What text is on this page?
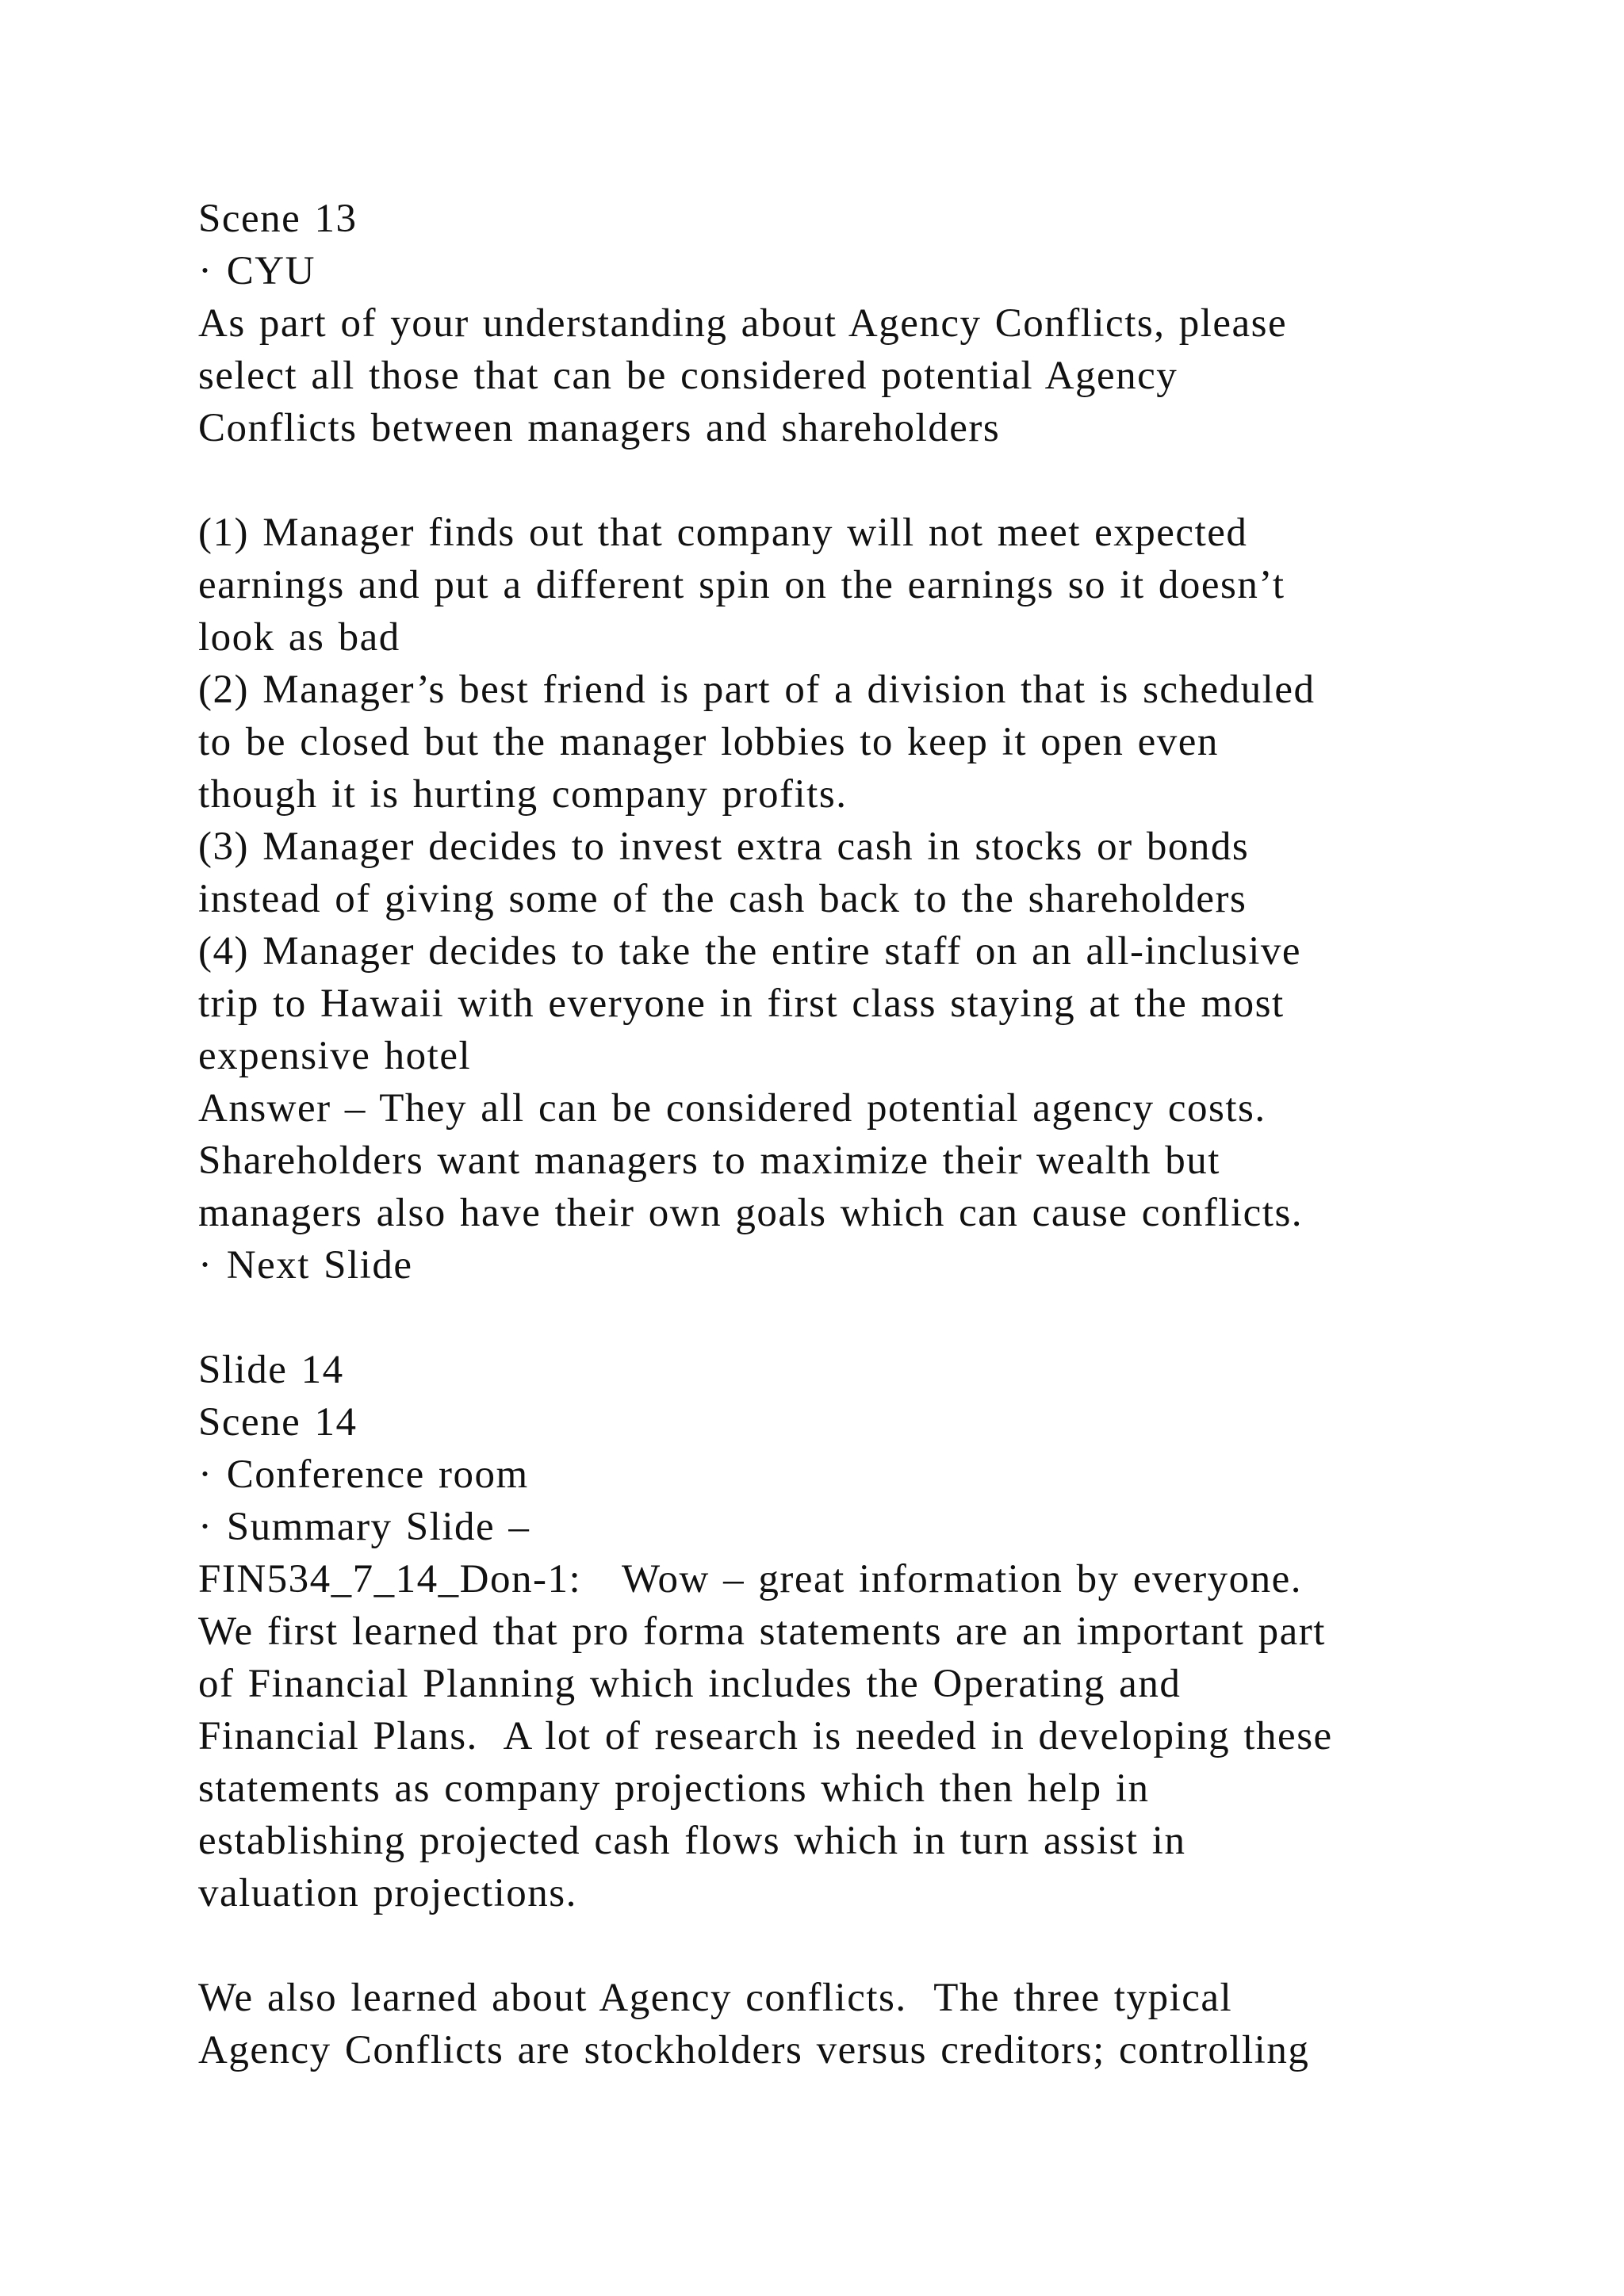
Scene 13
· CYU
As part of your understanding about Agency Conflicts, please
select all those that can be considered potential Agency
Conflicts between managers and shareholders
(1) Manager finds out that company will not meet expected
earnings and put a different spin on the earnings so it doesn’t
look as bad
(2) Manager’s best friend is part of a division that is scheduled
to be closed but the manager lobbies to keep it open even
though it is hurting company profits.
(3) Manager decides to invest extra cash in stocks or bonds
instead of giving some of the cash back to the shareholders
(4) Manager decides to take the entire staff on an all-inclusive
trip to Hawaii with everyone in first class staying at the most
expensive hotel
Answer – They all can be considered potential agency costs.
Shareholders want managers to maximize their wealth but
managers also have their own goals which can cause conflicts.
· Next Slide
Slide 14
Scene 14
· Conference room
· Summary Slide –
FIN534_7_14_Don-1:   Wow – great information by everyone.
We first learned that pro forma statements are an important part
of Financial Planning which includes the Operating and
Financial Plans.  A lot of research is needed in developing these
statements as company projections which then help in
establishing projected cash flows which in turn assist in
valuation projections.
We also learned about Agency conflicts.  The three typical
Agency Conflicts are stockholders versus creditors; controlling
